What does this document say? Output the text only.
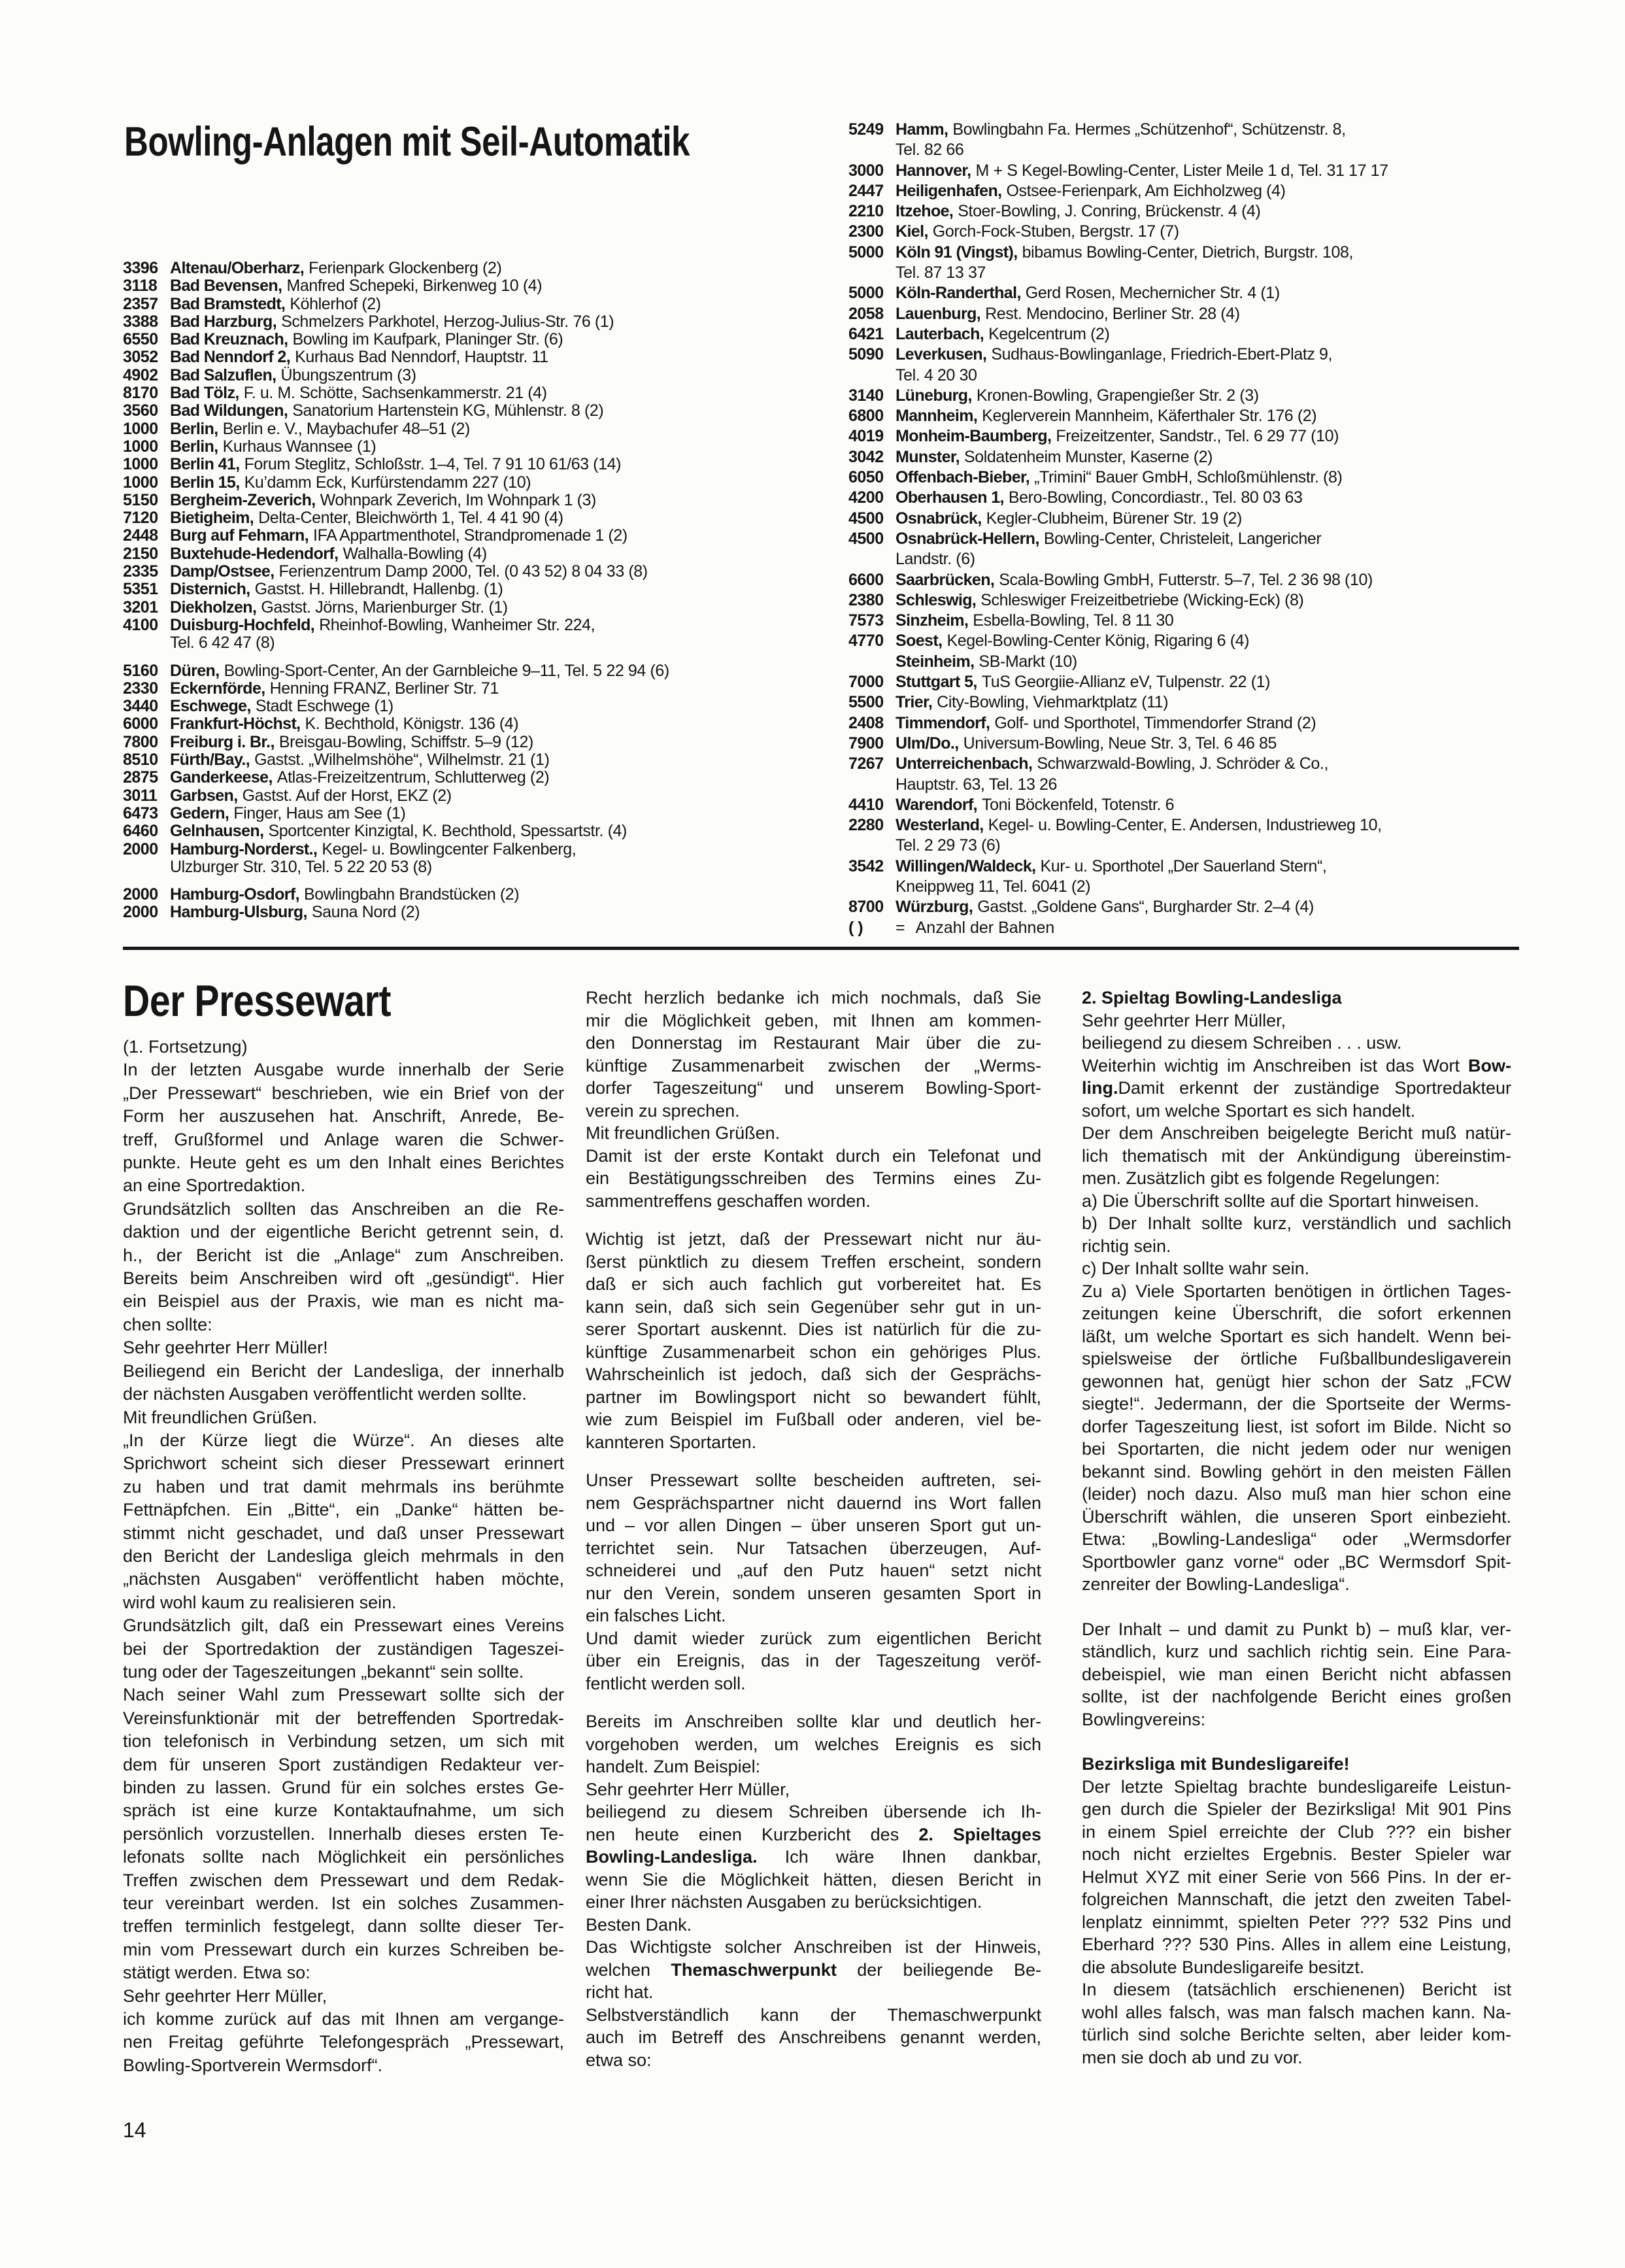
Bowling-Anlagen mit Seil-Automatik
3396 Altenau/Oberharz, Ferienpark Glockenberg (2)
3118 Bad Bevensen, Manfred Schepeki, Birkenweg 10 (4)
2357 Bad Bramstedt, Köhlerhof (2)
3388 Bad Harzburg, Schmelzers Parkhotel, Herzog-Julius-Str. 76 (1)
6550 Bad Kreuznach, Bowling im Kaufpark, Planinger Str. (6)
3052 Bad Nenndorf 2, Kurhaus Bad Nenndorf, Hauptstr. 11
4902 Bad Salzuflen, Übungszentrum (3)
8170 Bad Tölz, F. u. M. Schötte, Sachsenkammerstr. 21 (4)
3560 Bad Wildungen, Sanatorium Hartenstein KG, Mühlenstr. 8 (2)
1000 Berlin, Berlin e. V., Maybachufer 48–51 (2)
1000 Berlin, Kurhaus Wannsee (1)
1000 Berlin 41, Forum Steglitz, Schloßstr. 1–4, Tel. 7 91 10 61/63 (14)
1000 Berlin 15, Ku’damm Eck, Kurfürstendamm 227 (10)
5150 Bergheim-Zeverich, Wohnpark Zeverich, Im Wohnpark 1 (3)
7120 Bietigheim, Delta-Center, Bleichwörth 1, Tel. 4 41 90 (4)
2448 Burg auf Fehmarn, IFA Appartmenthotel, Strandpromenade 1 (2)
2150 Buxtehude-Hedendorf, Walhalla-Bowling (4)
2335 Damp/Ostsee, Ferienzentrum Damp 2000, Tel. (0 43 52) 8 04 33 (8)
5351 Disternich, Gastst. H. Hillebrandt, Hallenbg. (1)
3201 Diekholzen, Gastst. Jörns, Marienburger Str. (1)
4100 Duisburg-Hochfeld, Rheinhof-Bowling, Wanheimer Str. 224,
Tel. 6 42 47 (8)
5160 Düren, Bowling-Sport-Center, An der Garnbleiche 9–11, Tel. 5 22 94 (6)
2330 Eckernförde, Henning FRANZ, Berliner Str. 71
3440 Eschwege, Stadt Eschwege (1)
6000 Frankfurt-Höchst, K. Bechthold, Königstr. 136 (4)
7800 Freiburg i. Br., Breisgau-Bowling, Schiffstr. 5–9 (12)
8510 Fürth/Bay., Gastst. „Wilhelmshöhe“, Wilhelmstr. 21 (1)
2875 Ganderkeese, Atlas-Freizeitzentrum, Schlutterweg (2)
3011 Garbsen, Gastst. Auf der Horst, EKZ (2)
6473 Gedern, Finger, Haus am See (1)
6460 Gelnhausen, Sportcenter Kinzigtal, K. Bechthold, Spessartstr. (4)
2000 Hamburg-Norderst., Kegel- u. Bowlingcenter Falkenberg,
Ulzburger Str. 310, Tel. 5 22 20 53 (8)
2000 Hamburg-Osdorf, Bowlingbahn Brandstücken (2)
2000 Hamburg-Ulsburg, Sauna Nord (2)
5249 Hamm, Bowlingbahn Fa. Hermes „Schützenhof“, Schützenstr. 8,
Tel. 82 66
3000 Hannover, M + S Kegel-Bowling-Center, Lister Meile 1 d, Tel. 31 17 17
2447 Heiligenhafen, Ostsee-Ferienpark, Am Eichholzweg (4)
2210 Itzehoe, Stoer-Bowling, J. Conring, Brückenstr. 4 (4)
2300 Kiel, Gorch-Fock-Stuben, Bergstr. 17 (7)
5000 Köln 91 (Vingst), bibamus Bowling-Center, Dietrich, Burgstr. 108,
Tel. 87 13 37
5000 Köln-Randerthal, Gerd Rosen, Mechernicher Str. 4 (1)
2058 Lauenburg, Rest. Mendocino, Berliner Str. 28 (4)
6421 Lauterbach, Kegelcentrum (2)
5090 Leverkusen, Sudhaus-Bowlinganlage, Friedrich-Ebert-Platz 9,
Tel. 4 20 30
3140 Lüneburg, Kronen-Bowling, Grapengießer Str. 2 (3)
6800 Mannheim, Keglerverein Mannheim, Käferthaler Str. 176 (2)
4019 Monheim-Baumberg, Freizeitzenter, Sandstr., Tel. 6 29 77 (10)
3042 Munster, Soldatenheim Munster, Kaserne (2)
6050 Offenbach-Bieber, „Trimini“ Bauer GmbH, Schloßmühlenstr. (8)
4200 Oberhausen 1, Bero-Bowling, Concordiastr., Tel. 80 03 63
4500 Osnabrück, Kegler-Clubheim, Bürener Str. 19 (2)
4500 Osnabrück-Hellern, Bowling-Center, Christeleit, Langericher
Landstr. (6)
6600 Saarbrücken, Scala-Bowling GmbH, Futterstr. 5–7, Tel. 2 36 98 (10)
2380 Schleswig, Schleswiger Freizeitbetriebe (Wicking-Eck) (8)
7573 Sinzheim, Esbella-Bowling, Tel. 8 11 30
4770 Soest, Kegel-Bowling-Center König, Rigaring 6 (4)
Steinheim, SB-Markt (10)
7000 Stuttgart 5, TuS Georgiie-Allianz eV, Tulpenstr. 22 (1)
5500 Trier, City-Bowling, Viehmarktplatz (11)
2408 Timmendorf, Golf- und Sporthotel, Timmendorfer Strand (2)
7900 Ulm/Do., Universum-Bowling, Neue Str. 3, Tel. 6 46 85
7267 Unterreichenbach, Schwarzwald-Bowling, J. Schröder & Co.,
Hauptstr. 63, Tel. 13 26
4410 Warendorf, Toni Böckenfeld, Totenstr. 6
2280 Westerland, Kegel- u. Bowling-Center, E. Andersen, Industrieweg 10,
Tel. 2 29 73 (6)
3542 Willingen/Waldeck, Kur- u. Sporthotel „Der Sauerland Stern“,
Kneippweg 11, Tel. 6041 (2)
8700 Würzburg, Gastst. „Goldene Gans“, Burgharder Str. 2–4 (4)
( )	= Anzahl der Bahnen
Der Pressewart
(1. Fortsetzung)
In der letzten Ausgabe wurde innerhalb der Serie
„Der Pressewart“ beschrieben, wie ein Brief von der
Form her auszusehen hat. Anschrift, Anrede, Be-
treff, Grußformel und Anlage waren die Schwer-
punkte. Heute geht es um den Inhalt eines Berichtes
an eine Sportredaktion.
Grundsätzlich sollten das Anschreiben an die Re-
daktion und der eigentliche Bericht getrennt sein, d.
h., der Bericht ist die „Anlage“ zum Anschreiben.
Bereits beim Anschreiben wird oft „gesündigt“. Hier
ein Beispiel aus der Praxis, wie man es nicht ma-
chen sollte:
Sehr geehrter Herr Müller!
Beiliegend ein Bericht der Landesliga, der innerhalb
der nächsten Ausgaben veröffentlicht werden sollte.
Mit freundlichen Grüßen.
„In der Kürze liegt die Würze“. An dieses alte
Sprichwort scheint sich dieser Pressewart erinnert
zu haben und trat damit mehrmals ins berühmte
Fettnäpfchen. Ein „Bitte“, ein „Danke“ hätten be-
stimmt nicht geschadet, und daß unser Pressewart
den Bericht der Landesliga gleich mehrmals in den
„nächsten Ausgaben“ veröffentlicht haben möchte,
wird wohl kaum zu realisieren sein.
Grundsätzlich gilt, daß ein Pressewart eines Vereins
bei der Sportredaktion der zuständigen Tageszei-
tung oder der Tageszeitungen „bekannt“ sein sollte.
Nach seiner Wahl zum Pressewart sollte sich der
Vereinsfunktionär mit der betreffenden Sportredak-
tion telefonisch in Verbindung setzen, um sich mit
dem für unseren Sport zuständigen Redakteur ver-
binden zu lassen. Grund für ein solches erstes Ge-
spräch ist eine kurze Kontaktaufnahme, um sich
persönlich vorzustellen. Innerhalb dieses ersten Te-
lefonats sollte nach Möglichkeit ein persönliches
Treffen zwischen dem Pressewart und dem Redak-
teur vereinbart werden. Ist ein solches Zusammen-
treffen terminlich festgelegt, dann sollte dieser Ter-
min vom Pressewart durch ein kurzes Schreiben be-
stätigt werden. Etwa so:
Sehr geehrter Herr Müller,
ich komme zurück auf das mit Ihnen am vergange-
nen Freitag geführte Telefongespräch „Pressewart,
Bowling-Sportverein Wermsdorf“.
Recht herzlich bedanke ich mich nochmals, daß Sie
mir die Möglichkeit geben, mit Ihnen am kommen-
den Donnerstag im Restaurant Mair über die zu-
künftige Zusammenarbeit zwischen der „Werms-
dorfer Tageszeitung“ und unserem Bowling-Sport-
verein zu sprechen.
Mit freundlichen Grüßen.
Damit ist der erste Kontakt durch ein Telefonat und
ein Bestätigungsschreiben des Termins eines Zu-
sammentreffens geschaffen worden.
Wichtig ist jetzt, daß der Pressewart nicht nur äu-
ßerst pünktlich zu diesem Treffen erscheint, sondern
daß er sich auch fachlich gut vorbereitet hat. Es
kann sein, daß sich sein Gegenüber sehr gut in un-
serer Sportart auskennt. Dies ist natürlich für die zu-
künftige Zusammenarbeit schon ein gehöriges Plus.
Wahrscheinlich ist jedoch, daß sich der Gesprächs-
partner im Bowlingsport nicht so bewandert fühlt,
wie zum Beispiel im Fußball oder anderen, viel be-
kannteren Sportarten.
Unser Pressewart sollte bescheiden auftreten, sei-
nem Gesprächspartner nicht dauernd ins Wort fallen
und – vor allen Dingen – über unseren Sport gut un-
terrichtet sein. Nur Tatsachen überzeugen, Auf-
schneiderei und „auf den Putz hauen“ setzt nicht
nur den Verein, sondem unseren gesamten Sport in
ein falsches Licht.
Und damit wieder zurück zum eigentlichen Bericht
über ein Ereignis, das in der Tageszeitung veröf-
fentlicht werden soll.
Bereits im Anschreiben sollte klar und deutlich her-
vorgehoben werden, um welches Ereignis es sich
handelt. Zum Beispiel:
Sehr geehrter Herr Müller,
beiliegend zu diesem Schreiben übersende ich Ih-
nen heute einen Kurzbericht des 2. Spieltages
Bowling-Landesliga. Ich wäre Ihnen dankbar,
wenn Sie die Möglichkeit hätten, diesen Bericht in
einer Ihrer nächsten Ausgaben zu berücksichtigen.
Besten Dank.
Das Wichtigste solcher Anschreiben ist der Hinweis,
welchen Themaschwerpunkt der beiliegende Be-
richt hat.
Selbstverständlich kann der Themaschwerpunkt
auch im Betreff des Anschreibens genannt werden,
etwa so:
2. Spieltag Bowling-Landesliga
Sehr geehrter Herr Müller,
beiliegend zu diesem Schreiben . . . usw.
Weiterhin wichtig im Anschreiben ist das Wort Bow-
ling.Damit erkennt der zuständige Sportredakteur
sofort, um welche Sportart es sich handelt.
Der dem Anschreiben beigelegte Bericht muß natür-
lich thematisch mit der Ankündigung übereinstim-
men. Zusätzlich gibt es folgende Regelungen:
a) Die Überschrift sollte auf die Sportart hinweisen.
b) Der Inhalt sollte kurz, verständlich und sachlich
richtig sein.
c) Der Inhalt sollte wahr sein.
Zu a) Viele Sportarten benötigen in örtlichen Tages-
zeitungen keine Überschrift, die sofort erkennen
läßt, um welche Sportart es sich handelt. Wenn bei-
spielsweise der örtliche Fußballbundesligaverein
gewonnen hat, genügt hier schon der Satz „FCW
siegte!“. Jedermann, der die Sportseite der Werms-
dorfer Tageszeitung liest, ist sofort im Bilde. Nicht so
bei Sportarten, die nicht jedem oder nur wenigen
bekannt sind. Bowling gehört in den meisten Fällen
(leider) noch dazu. Also muß man hier schon eine
Überschrift wählen, die unseren Sport einbezieht.
Etwa: „Bowling-Landesliga“ oder „Wermsdorfer
Sportbowler ganz vorne“ oder „BC Wermsdorf Spit-
zenreiter der Bowling-Landesliga“.
Der Inhalt – und damit zu Punkt b) – muß klar, ver-
ständlich, kurz und sachlich richtig sein. Eine Para-
debeispiel, wie man einen Bericht nicht abfassen
sollte, ist der nachfolgende Bericht eines großen
Bowlingvereins:
Bezirksliga mit Bundesligareife!
Der letzte Spieltag brachte bundesligareife Leistun-
gen durch die Spieler der Bezirksliga! Mit 901 Pins
in einem Spiel erreichte der Club ??? ein bisher
noch nicht erzieltes Ergebnis. Bester Spieler war
Helmut XYZ mit einer Serie von 566 Pins. In der er-
folgreichen Mannschaft, die jetzt den zweiten Tabel-
lenplatz einnimmt, spielten Peter ??? 532 Pins und
Eberhard ??? 530 Pins. Alles in allem eine Leistung,
die absolute Bundesligareife besitzt.
In diesem (tatsächlich erschienenen) Bericht ist
wohl alles falsch, was man falsch machen kann. Na-
türlich sind solche Berichte selten, aber leider kom-
men sie doch ab und zu vor.
14
